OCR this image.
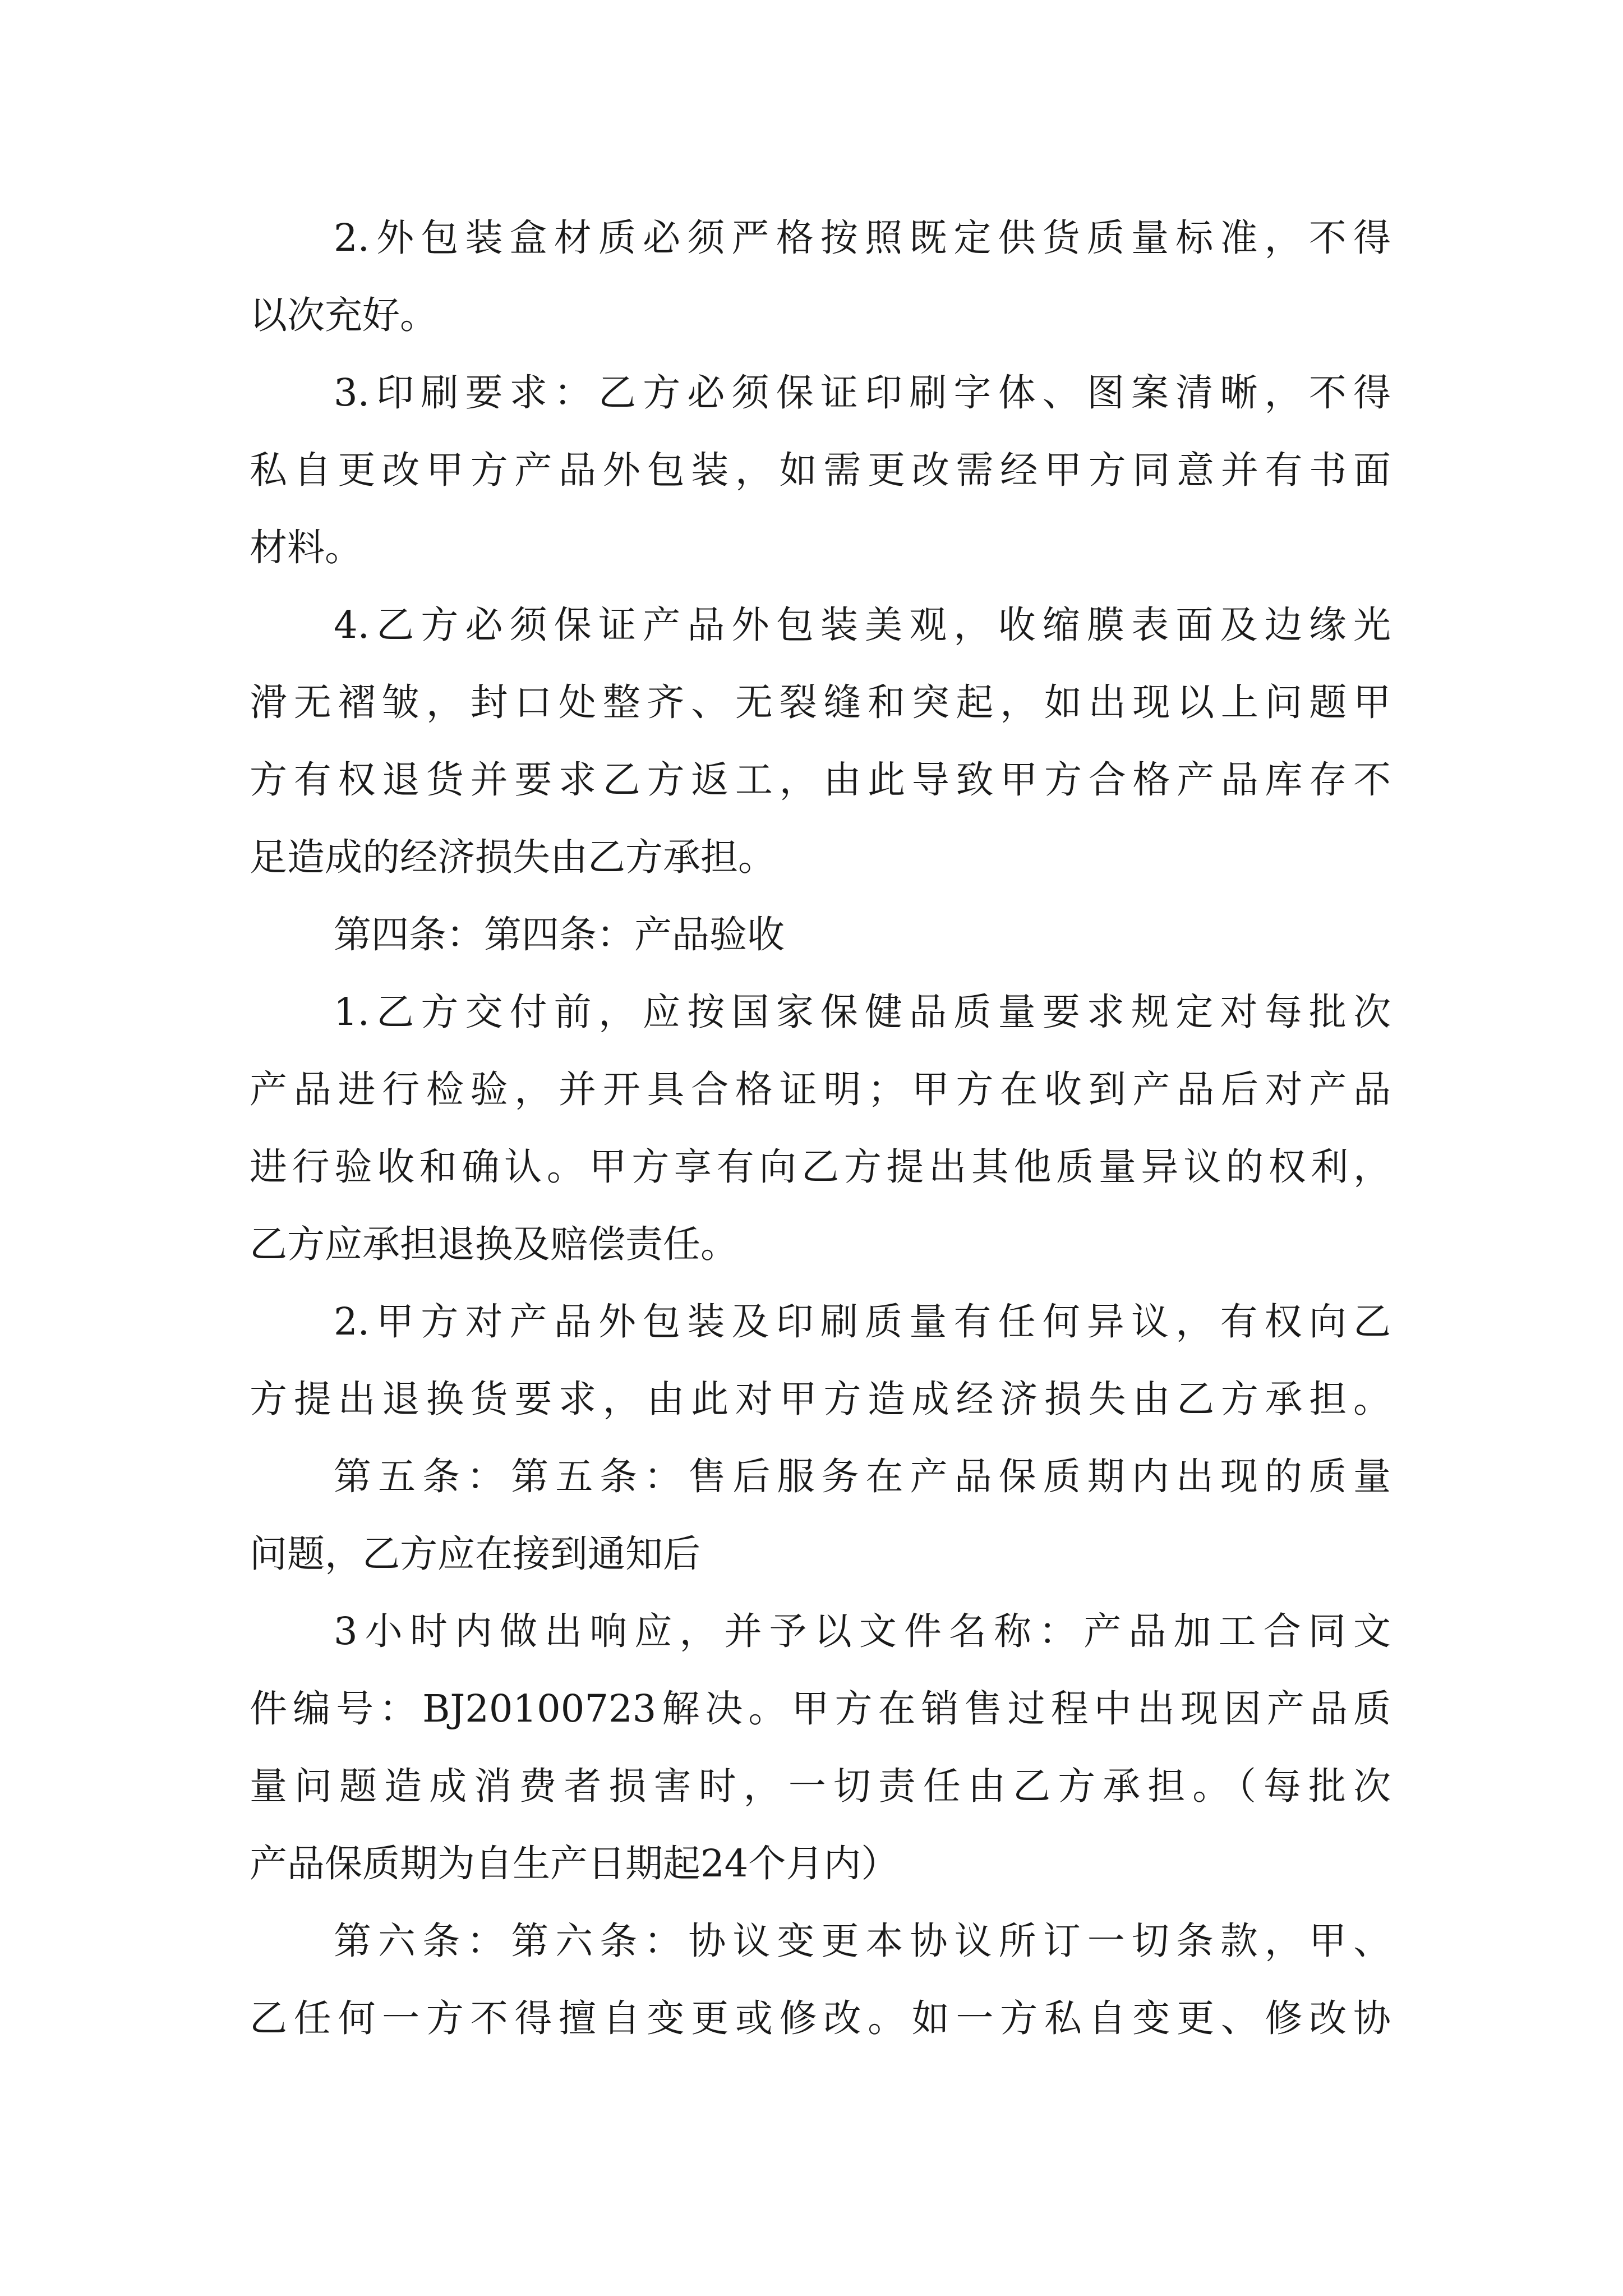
2.外包装盒材质必须严格按照既定供货质量标准，不得
以次充好。
3.印刷要求：乙方必须保证印刷字体、图案清晰，不得
私自更改甲方产品外包装，如需更改需经甲方同意并有书面
材料。
4.乙方必须保证产品外包装美观，收缩膜表面及边缘光
滑无褶皱，封口处整齐、无裂缝和突起，如出现以上问题甲
方有权退货并要求乙方返工，由此导致甲方合格产品库存不
足造成的经济损失由乙方承担。
第四条：第四条：产品验收
1.乙方交付前，应按国家保健品质量要求规定对每批次
产品进行检验，并开具合格证明；甲方在收到产品后对产品
进行验收和确认。甲方享有向乙方提出其他质量异议的权利，
乙方应承担退换及赔偿责任。
2.甲方对产品外包装及印刷质量有任何异议，有权向乙
方提出退换货要求，由此对甲方造成经济损失由乙方承担。
第五条：第五条：售后服务在产品保质期内出现的质量
问题，乙方应在接到通知后
3小时内做出响应，并予以文件名称：产品加工合同文
件编号：BJ20100723解决。甲方在销售过程中出现因产品质
量问题造成消费者损害时，一切责任由乙方承担。（每批次
产品保质期为自生产日期起24个月内）
第六条：第六条：协议变更本协议所订一切条款，甲、
乙任何一方不得擅自变更或修改。如一方私自变更、修改协
